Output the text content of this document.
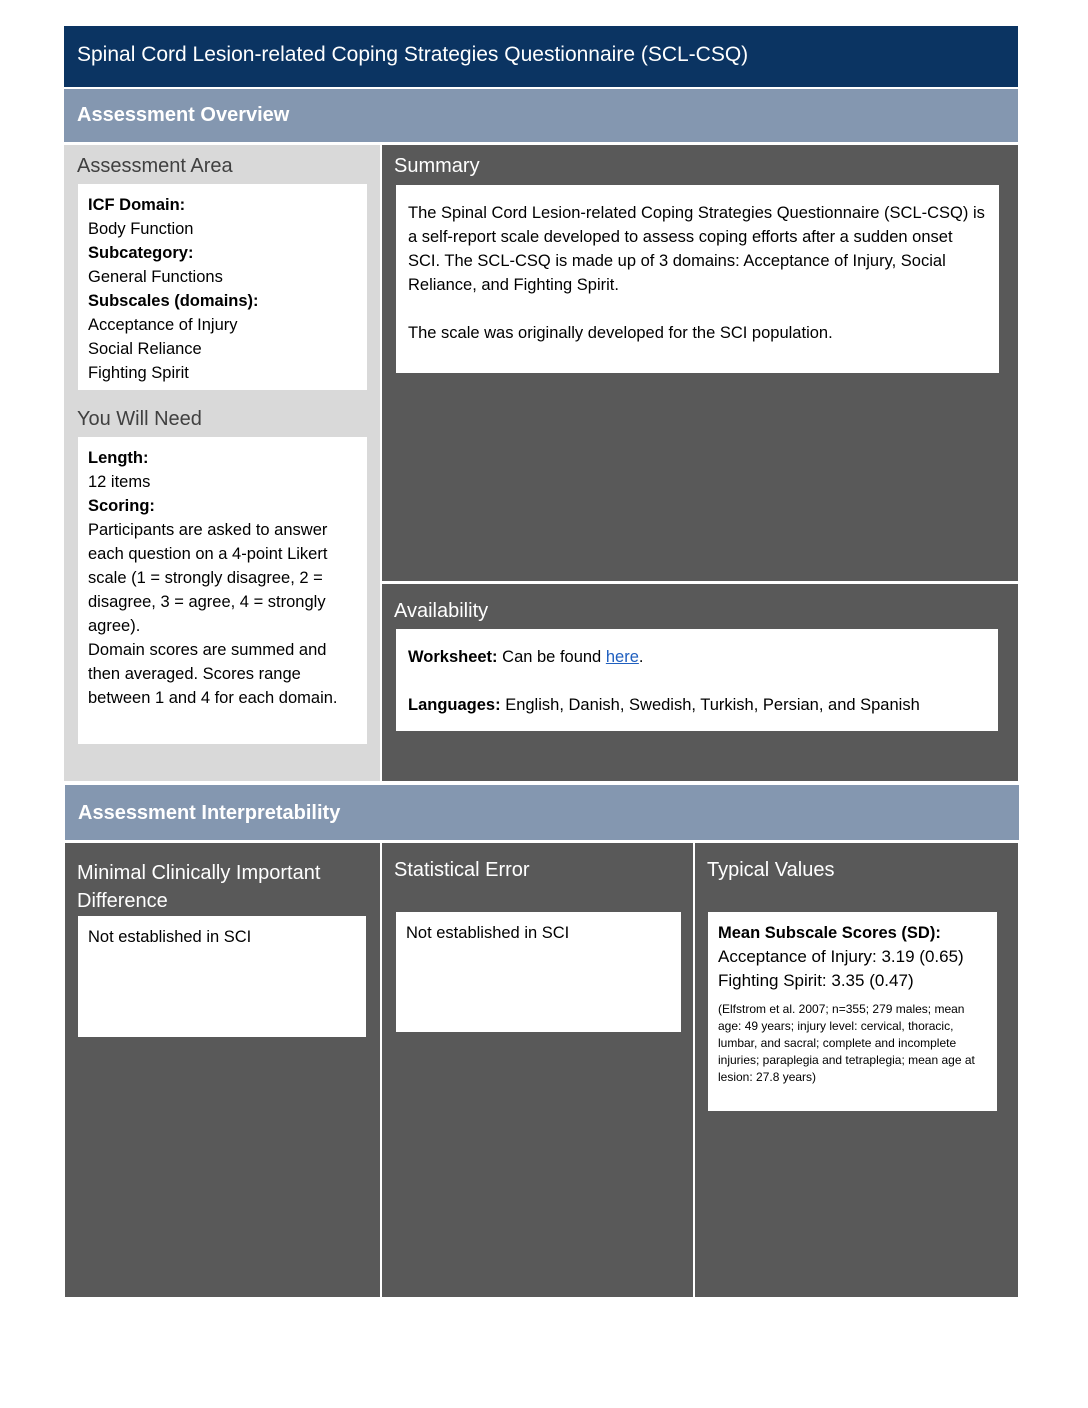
Spinal Cord Lesion-related Coping Strategies Questionnaire (SCL-CSQ)
Assessment Overview
Assessment Area

ICF Domain:

Body Function

Subcategory:

General Functions

Subscales (domains):

Acceptance of Injury

Social Reliance

Fighting Spirit

You Will Need

Length:

12 items

Scoring:

Participants are asked to answer each question on a 4-point Likert scale (1 = strongly disagree, 2 = disagree, 3 = agree, 4 = strongly agree).

Domain scores are summed and then averaged. Scores range between 1 and 4 for each domain.

Summary

The Spinal Cord Lesion-related Coping Strategies Questionnaire (SCL-CSQ) is a self-report scale developed to assess coping efforts after a sudden onset SCI. The SCL-CSQ is made up of 3 domains: Acceptance of Injury, Social Reliance, and Fighting Spirit.

The scale was originally developed for the SCI population.

Availability

Worksheet: Can be found here.

Languages: English, Danish, Swedish, Turkish, Persian, and Spanish

Assessment Interpretability
Minimal Clinically Important Difference

Not established in SCI

Statistical Error

Not established in SCI

Typical Values

Mean Subscale Scores (SD):

Acceptance of Injury: 3.19 (0.65)

Fighting Spirit: 3.35 (0.47)

(Elfstrom et al. 2007; n=355; 279 males; mean age: 49 years; injury level: cervical, thoracic, lumbar, and sacral; complete and incomplete injuries; paraplegia and tetraplegia; mean age at lesion: 27.8 years)
